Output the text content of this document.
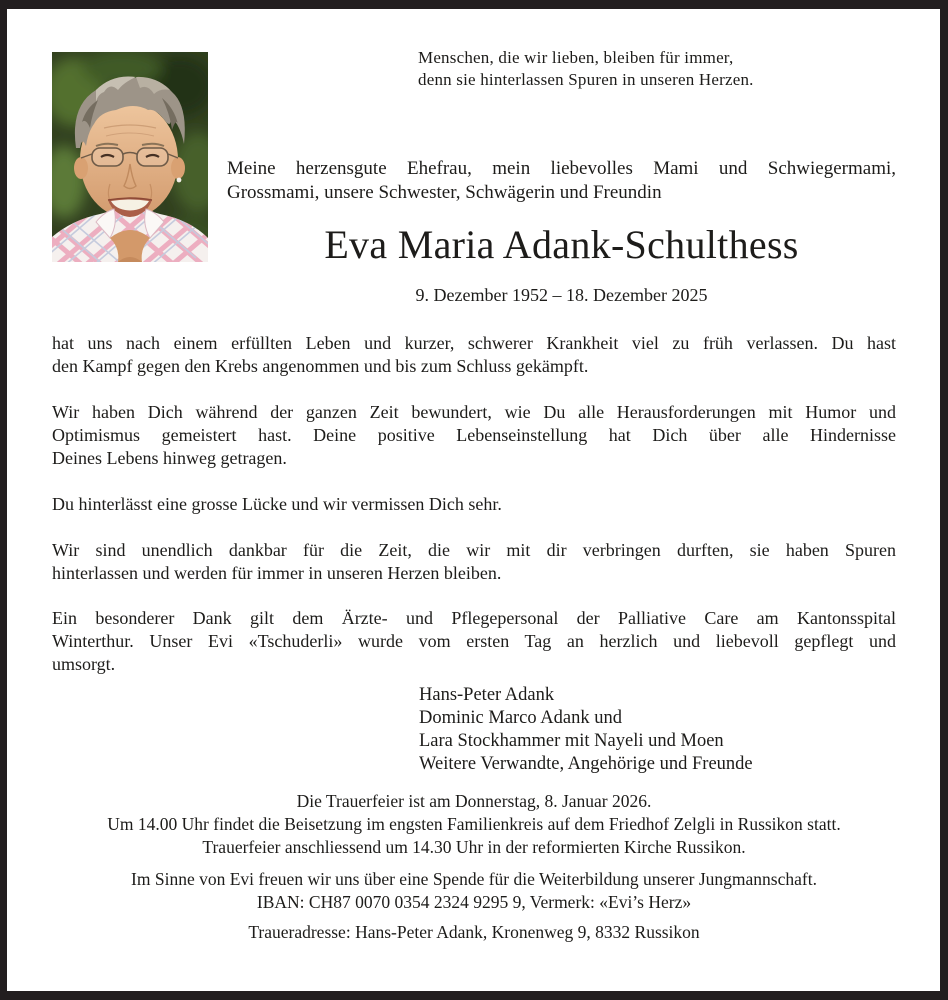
Menschen, die wir lieben, bleiben für immer,
denn sie hinterlassen Spuren in unseren Herzen.
Meine herzensgute Ehefrau, mein liebevolles Mami und Schwiegermami,
Grossmami, unsere Schwester, Schwägerin und Freundin
Eva Maria Adank-Schulthess
9. Dezember 1952 – 18. Dezember 2025
hat uns nach einem erfüllten Leben und kurzer, schwerer Krankheit viel zu früh verlassen. Du hast
den Kampf gegen den Krebs angenommen und bis zum Schluss gekämpft.
Wir haben Dich während der ganzen Zeit bewundert, wie Du alle Herausforderungen mit Humor und
Optimismus gemeistert hast. Deine positive Lebenseinstellung hat Dich über alle Hindernisse
Deines Lebens hinweg getragen.
Du hinterlässt eine grosse Lücke und wir vermissen Dich sehr.
Wir sind unendlich dankbar für die Zeit, die wir mit dir verbringen durften, sie haben Spuren
hinterlassen und werden für immer in unseren Herzen bleiben.
Ein besonderer Dank gilt dem Ärzte- und Pflegepersonal der Palliative Care am Kantonsspital
Winterthur. Unser Evi «Tschuderli» wurde vom ersten Tag an herzlich und liebevoll gepflegt und
umsorgt.
Hans-Peter Adank
Dominic Marco Adank und
Lara Stockhammer mit Nayeli und Moen
Weitere Verwandte, Angehörige und Freunde
Die Trauerfeier ist am Donnerstag, 8. Januar 2026.
Um 14.00 Uhr findet die Beisetzung im engsten Familienkreis auf dem Friedhof Zelgli in Russikon statt.
Trauerfeier anschliessend um 14.30 Uhr in der reformierten Kirche Russikon.
Im Sinne von Evi freuen wir uns über eine Spende für die Weiterbildung unserer Jungmannschaft.
IBAN: CH87 0070 0354 2324 9295 9, Vermerk: «Evi’s Herz»
Traueradresse: Hans-Peter Adank, Kronenweg 9, 8332 Russikon
